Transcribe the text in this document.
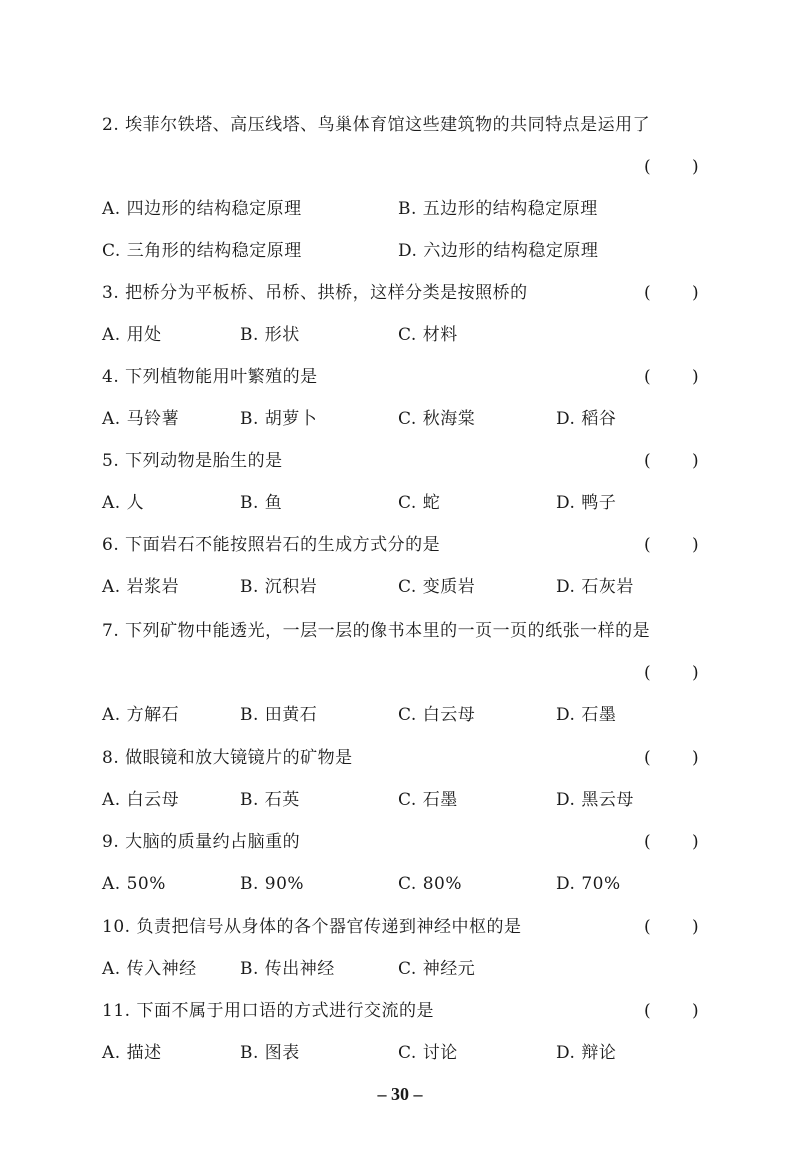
2. 埃菲尔铁塔、高压线塔、鸟巢体育馆这些建筑物的共同特点是运用了
( )
A. 四边形的结构稳定原理	B. 五边形的结构稳定原理
C. 三角形的结构稳定原理	D. 六边形的结构稳定原理
3. 把桥分为平板桥、吊桥、拱桥，这样分类是按照桥的	( )
A. 用处	B. 形状	C. 材料
4. 下列植物能用叶繁殖的是	( )
A. 马铃薯	B. 胡萝卜	C. 秋海棠	D. 稻谷
5. 下列动物是胎生的是	( )
A. 人	B. 鱼	C. 蛇	D. 鸭子
6. 下面岩石不能按照岩石的生成方式分的是	( )
A. 岩浆岩	B. 沉积岩	C. 变质岩	D. 石灰岩
7. 下列矿物中能透光，一层一层的像书本里的一页一页的纸张一样的是
( )
A. 方解石	B. 田黄石	C. 白云母	D. 石墨
8. 做眼镜和放大镜镜片的矿物是	( )
A. 白云母	B. 石英	C. 石墨	D. 黑云母
9. 大脑的质量约占脑重的	( )
A. 50%	B. 90%	C. 80%	D. 70%
10. 负责把信号从身体的各个器官传递到神经中枢的是	( )
A. 传入神经	B. 传出神经	C. 神经元
11. 下面不属于用口语的方式进行交流的是	( )
A. 描述	B. 图表	C. 讨论	D. 辩论
– 30 –
